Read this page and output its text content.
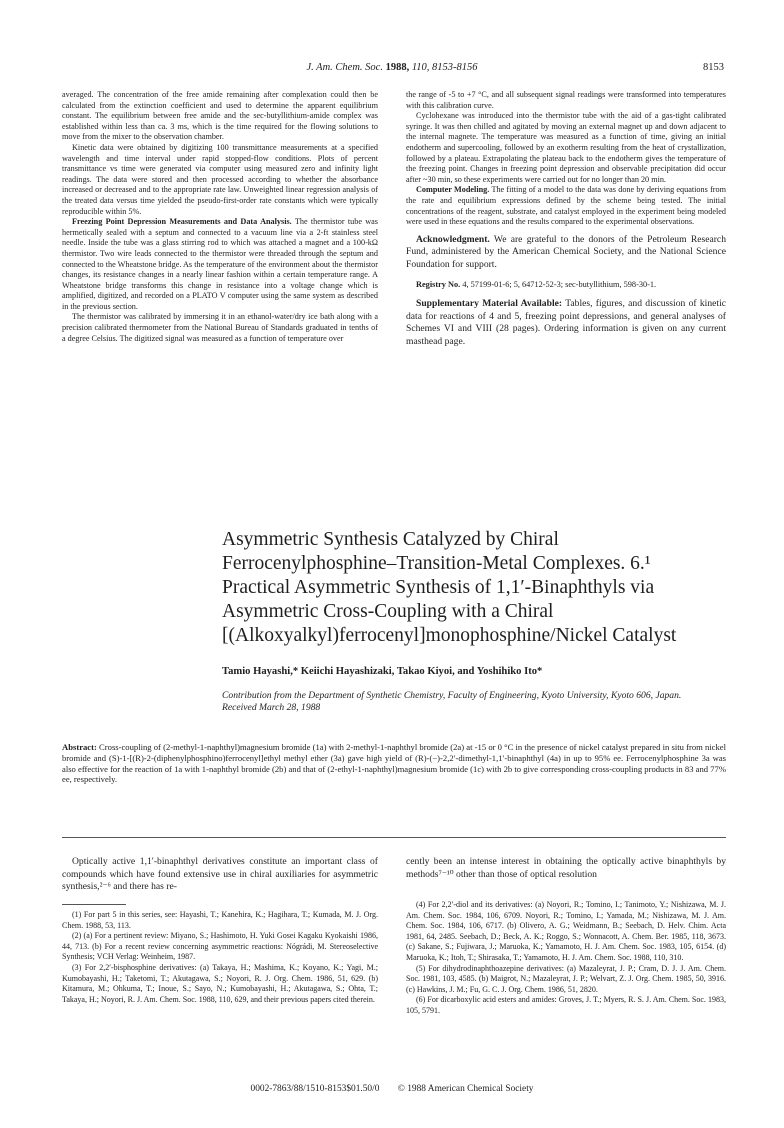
J. Am. Chem. Soc. 1988, 110, 8153-8156	8153

averaged. The concentration of the free amide remaining after complexation could then be calculated from the extinction coefficient and used to determine the apparent equilibrium constant. The equilibrium between free amide and the sec-butyllithium-amide complex was established within less than ca. 3 ms, which is the time required for the flowing solutions to move from the mixer to the observation chamber.

Kinetic data were obtained by digitizing 100 transmittance measurements at a specified wavelength and time interval under rapid stopped-flow conditions. Plots of percent transmittance vs time were generated via computer using measured zero and infinity light readings. The data were stored and then processed according to whether the absorbance increased or decreased and to the appropriate rate law. Unweighted linear regression analysis of the treated data versus time yielded the pseudo-first-order rate constants which were typically reproducible within 5%.

Freezing Point Depression Measurements and Data Analysis. The thermistor tube was hermetically sealed with a septum and connected to a vacuum line via a 2-ft stainless steel needle. Inside the tube was a glass stirring rod to which was attached a magnet and a 100-kΩ thermistor. Two wire leads connected to the thermistor were threaded through the septum and connected to the Wheatstone bridge. As the temperature of the environment about the thermistor changes, its resistance changes in a nearly linear fashion within a certain temperature range. A Wheatstone bridge transforms this change in resistance into a voltage change which is amplified, digitized, and recorded on a PLATO V computer using the same system as described in the previous section.

The thermistor was calibrated by immersing it in an ethanol-water/dry ice bath along with a precision calibrated thermometer from the National Bureau of Standards graduated in tenths of a degree Celsius. The digitized signal was measured as a function of temperature over

the range of -5 to +7 °C, and all subsequent signal readings were transformed into temperatures with this calibration curve.

Cyclohexane was introduced into the thermistor tube with the aid of a gas-tight calibrated syringe. It was then chilled and agitated by moving an external magnet up and down adjacent to the internal magnete. The temperature was measured as a function of time, giving an initial endotherm and supercooling, followed by an exotherm resulting from the heat of crystallization, followed by a plateau. Extrapolating the plateau back to the endotherm gives the temperature of the freezing point. Changes in freezing point depression and observable precipitation did occur after ~30 min, so these experiments were carried out for no longer than 20 min.

Computer Modeling. The fitting of a model to the data was done by deriving equations from the rate and equilibrium expressions defined by the scheme being tested. The initial concentrations of the reagent, substrate, and catalyst employed in the experiment being modeled were used in these equations and the results compared to the experimental observations.

Acknowledgment. We are grateful to the donors of the Petroleum Research Fund, administered by the American Chemical Society, and the National Science Foundation for support.

Registry No. 4, 57199-01-6; 5, 64712-52-3; sec-butyllithium, 598-30-1.

Supplementary Material Available: Tables, figures, and discussion of kinetic data for reactions of 4 and 5, freezing point depressions, and general analyses of Schemes VI and VIII (28 pages). Ordering information is given on any current masthead page.

Asymmetric Synthesis Catalyzed by Chiral
Ferrocenylphosphine–Transition-Metal Complexes. 6.¹
Practical Asymmetric Synthesis of 1,1′-Binaphthyls via
Asymmetric Cross-Coupling with a Chiral
[(Alkoxyalkyl)ferrocenyl]monophosphine/Nickel Catalyst
Tamio Hayashi,* Keiichi Hayashizaki, Takao Kiyoi, and Yoshihiko Ito*
Contribution from the Department of Synthetic Chemistry, Faculty of Engineering, Kyoto University, Kyoto 606, Japan. Received March 28, 1988
Abstract: Cross-coupling of (2-methyl-1-naphthyl)magnesium bromide (1a) with 2-methyl-1-naphthyl bromide (2a) at -15 or 0 °C in the presence of nickel catalyst prepared in situ from nickel bromide and (S)-1-[(R)-2-(diphenylphosphino)ferrocenyl]ethyl methyl ether (3a) gave high yield of (R)-(−)-2,2′-dimethyl-1,1′-binaphthyl (4a) in up to 95% ee. Ferrocenylphosphine 3a was also effective for the reaction of 1a with 1-naphthyl bromide (2b) and that of (2-ethyl-1-naphthyl)magnesium bromide (1c) with 2b to give corresponding cross-coupling products in 83 and 77% ee, respectively.
Optically active 1,1′-binaphthyl derivatives constitute an important class of compounds which have found extensive use in chiral auxiliaries for asymmetric synthesis,²⁻⁶ and there has re-
cently been an intense interest in obtaining the optically active binaphthyls by methods⁷⁻¹⁰ other than those of optical resolution

(1) For part 5 in this series, see: Hayashi, T.; Kanehira, K.; Hagihara, T.; Kumada, M. J. Org. Chem. 1988, 53, 113.

(2) (a) For a pertinent review: Miyano, S.; Hashimoto, H. Yuki Gosei Kagaku Kyokaishi 1986, 44, 713. (b) For a recent review concerning asymmetric reactions: Nógrádi, M. Stereoselective Synthesis; VCH Verlag: Weinheim, 1987.

(3) For 2,2′-bisphosphine derivatives: (a) Takaya, H.; Mashima, K.; Koyano, K.; Yagi, M.; Kumobayashi, H.; Taketomi, T.; Akutagawa, S.; Noyori, R. J. Org. Chem. 1986, 51, 629. (b) Kitamura, M.; Ohkuma, T.; Inoue, S.; Sayo, N.; Kumobayashi, H.; Akutagawa, S.; Ohta, T.; Takaya, H.; Noyori, R. J. Am. Chem. Soc. 1988, 110, 629, and their previous papers cited therein.

(4) For 2,2′-diol and its derivatives: (a) Noyori, R.; Tomino, I.; Tanimoto, Y.; Nishizawa, M. J. Am. Chem. Soc. 1984, 106, 6709. Noyori, R.; Tomino, I.; Yamada, M.; Nishizawa, M. J. Am. Chem. Soc. 1984, 106, 6717. (b) Olivero, A. G.; Weidmann, B.; Seebach, D. Helv. Chim. Acta 1981, 64, 2485. Seebach, D.; Beck, A. K.; Roggo, S.; Wonnacott, A. Chem. Ber. 1985, 118, 3673. (c) Sakane, S.; Fujiwara, J.; Maruoka, K.; Yamamoto, H. J. Am. Chem. Soc. 1983, 105, 6154. (d) Maruoka, K.; Itoh, T.; Shirasaka, T.; Yamamoto, H. J. Am. Chem. Soc. 1988, 110, 310.

(5) For dihydrodinaphthoazepine derivatives: (a) Mazaleyrat, J. P.; Cram, D. J. J. Am. Chem. Soc. 1981, 103, 4585. (b) Maigrot, N.; Mazaleyrat, J. P.; Welvart, Z. J. Org. Chem. 1985, 50, 3916. (c) Hawkins, J. M.; Fu, G. C. J. Org. Chem. 1986, 51, 2820.

(6) For dicarboxylic acid esters and amides: Groves, J. T.; Myers, R. S. J. Am. Chem. Soc. 1983, 105, 5791.

0002-7863/88/1510-8153$01.50/0 © 1988 American Chemical Society
